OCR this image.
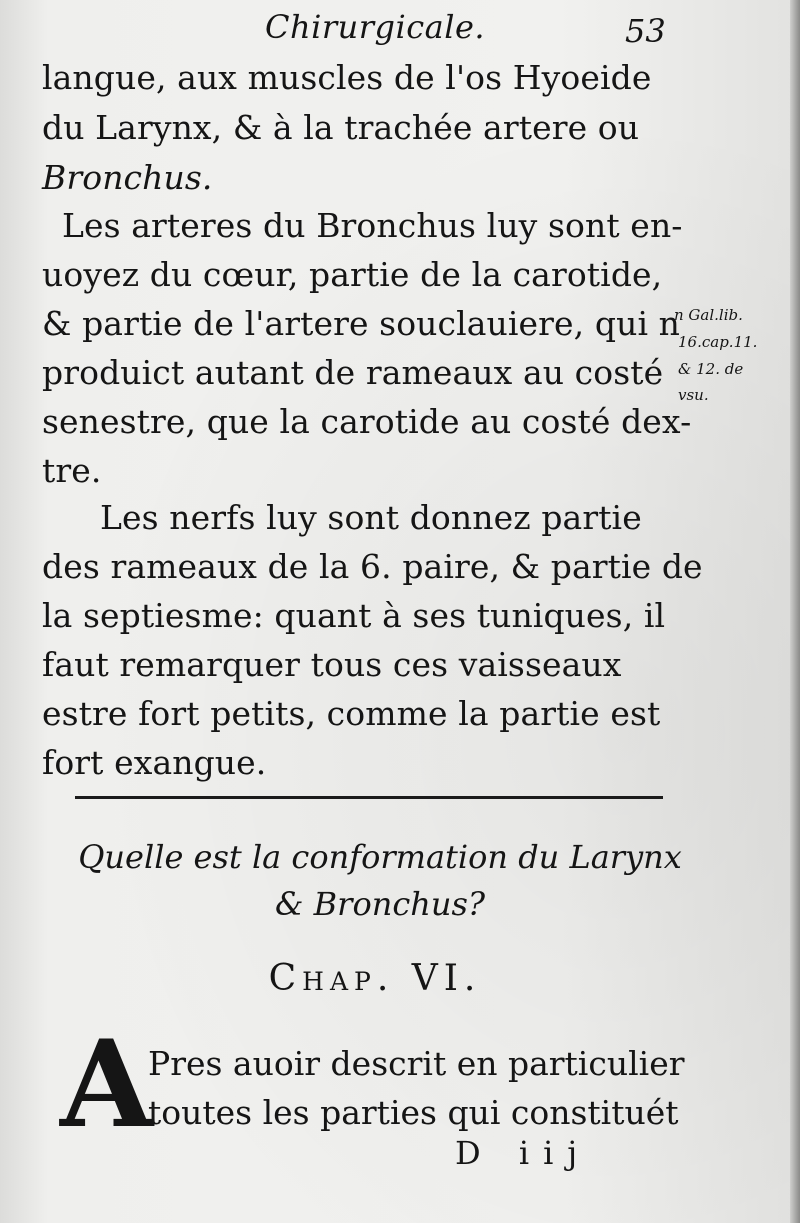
Chirurgicale.	53
langue, aux muscles de l'os Hyoeide
du Larynx, & à la trachée artere ou
Bronchus.
Les arteres du Bronchus luy sont en-
uoyez du cœur, partie de la carotide,
& partie de l'artere souclauiere, qui n
produict autant de rameaux au costé
senestre, que la carotide au costé dex-
tre.
n Gal.lib.
16.cap.11.
& 12. de
vsu.
Les nerfs luy sont donnez partie
des rameaux de la 6. paire, & partie de
la septiesme: quant à ses tuniques, il
faut remarquer tous ces vaisseaux
estre fort petits, comme la partie est
fort exangue.
Quelle est la conformation du Larynx
& Bronchus?
Chap. VI.
A
Pres auoir descrit en particulier
toutes les parties qui constituét
D iij
